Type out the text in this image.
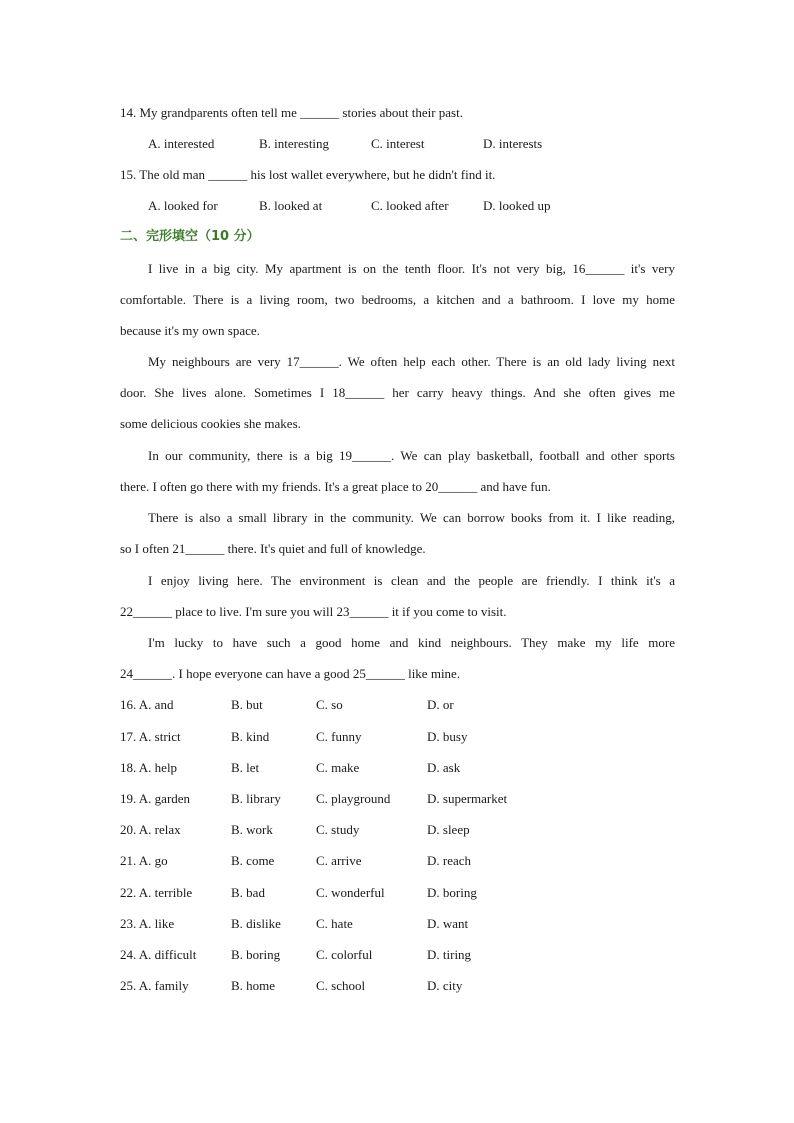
14. My grandparents often tell me ______ stories about their past.
A. interested	B. interesting	C. interest	D. interests
15. The old man ______ his lost wallet everywhere, but he didn't find it.
A. looked for	B. looked at	C. looked after	D. looked up
二、完形填空（10 分）
I live in a big city. My apartment is on the tenth floor. It's not very big, 16______ it's very
comfortable. There is a living room, two bedrooms, a kitchen and a bathroom. I love my home
because it's my own space.
My neighbours are very 17______. We often help each other. There is an old lady living next
door. She lives alone. Sometimes I 18______ her carry heavy things. And she often gives me
some delicious cookies she makes.
In our community, there is a big 19______. We can play basketball, football and other sports
there. I often go there with my friends. It's a great place to 20______ and have fun.
There is also a small library in the community. We can borrow books from it. I like reading,
so I often 21______ there. It's quiet and full of knowledge.
I enjoy living here. The environment is clean and the people are friendly. I think it's a
22______ place to live. I'm sure you will 23______ it if you come to visit.
I'm lucky to have such a good home and kind neighbours. They make my life more
24______. I hope everyone can have a good 25______ like mine.
16. A. and	B. but	C. so	D. or
17. A. strict	B. kind	C. funny	D. busy
18. A. help	B. let	C. make	D. ask
19. A. garden	B. library	C. playground	D. supermarket
20. A. relax	B. work	C. study	D. sleep
21. A. go	B. come	C. arrive	D. reach
22. A. terrible	B. bad	C. wonderful	D. boring
23. A. like	B. dislike	C. hate	D. want
24. A. difficult	B. boring	C. colorful	D. tiring
25. A. family	B. home	C. school	D. city
